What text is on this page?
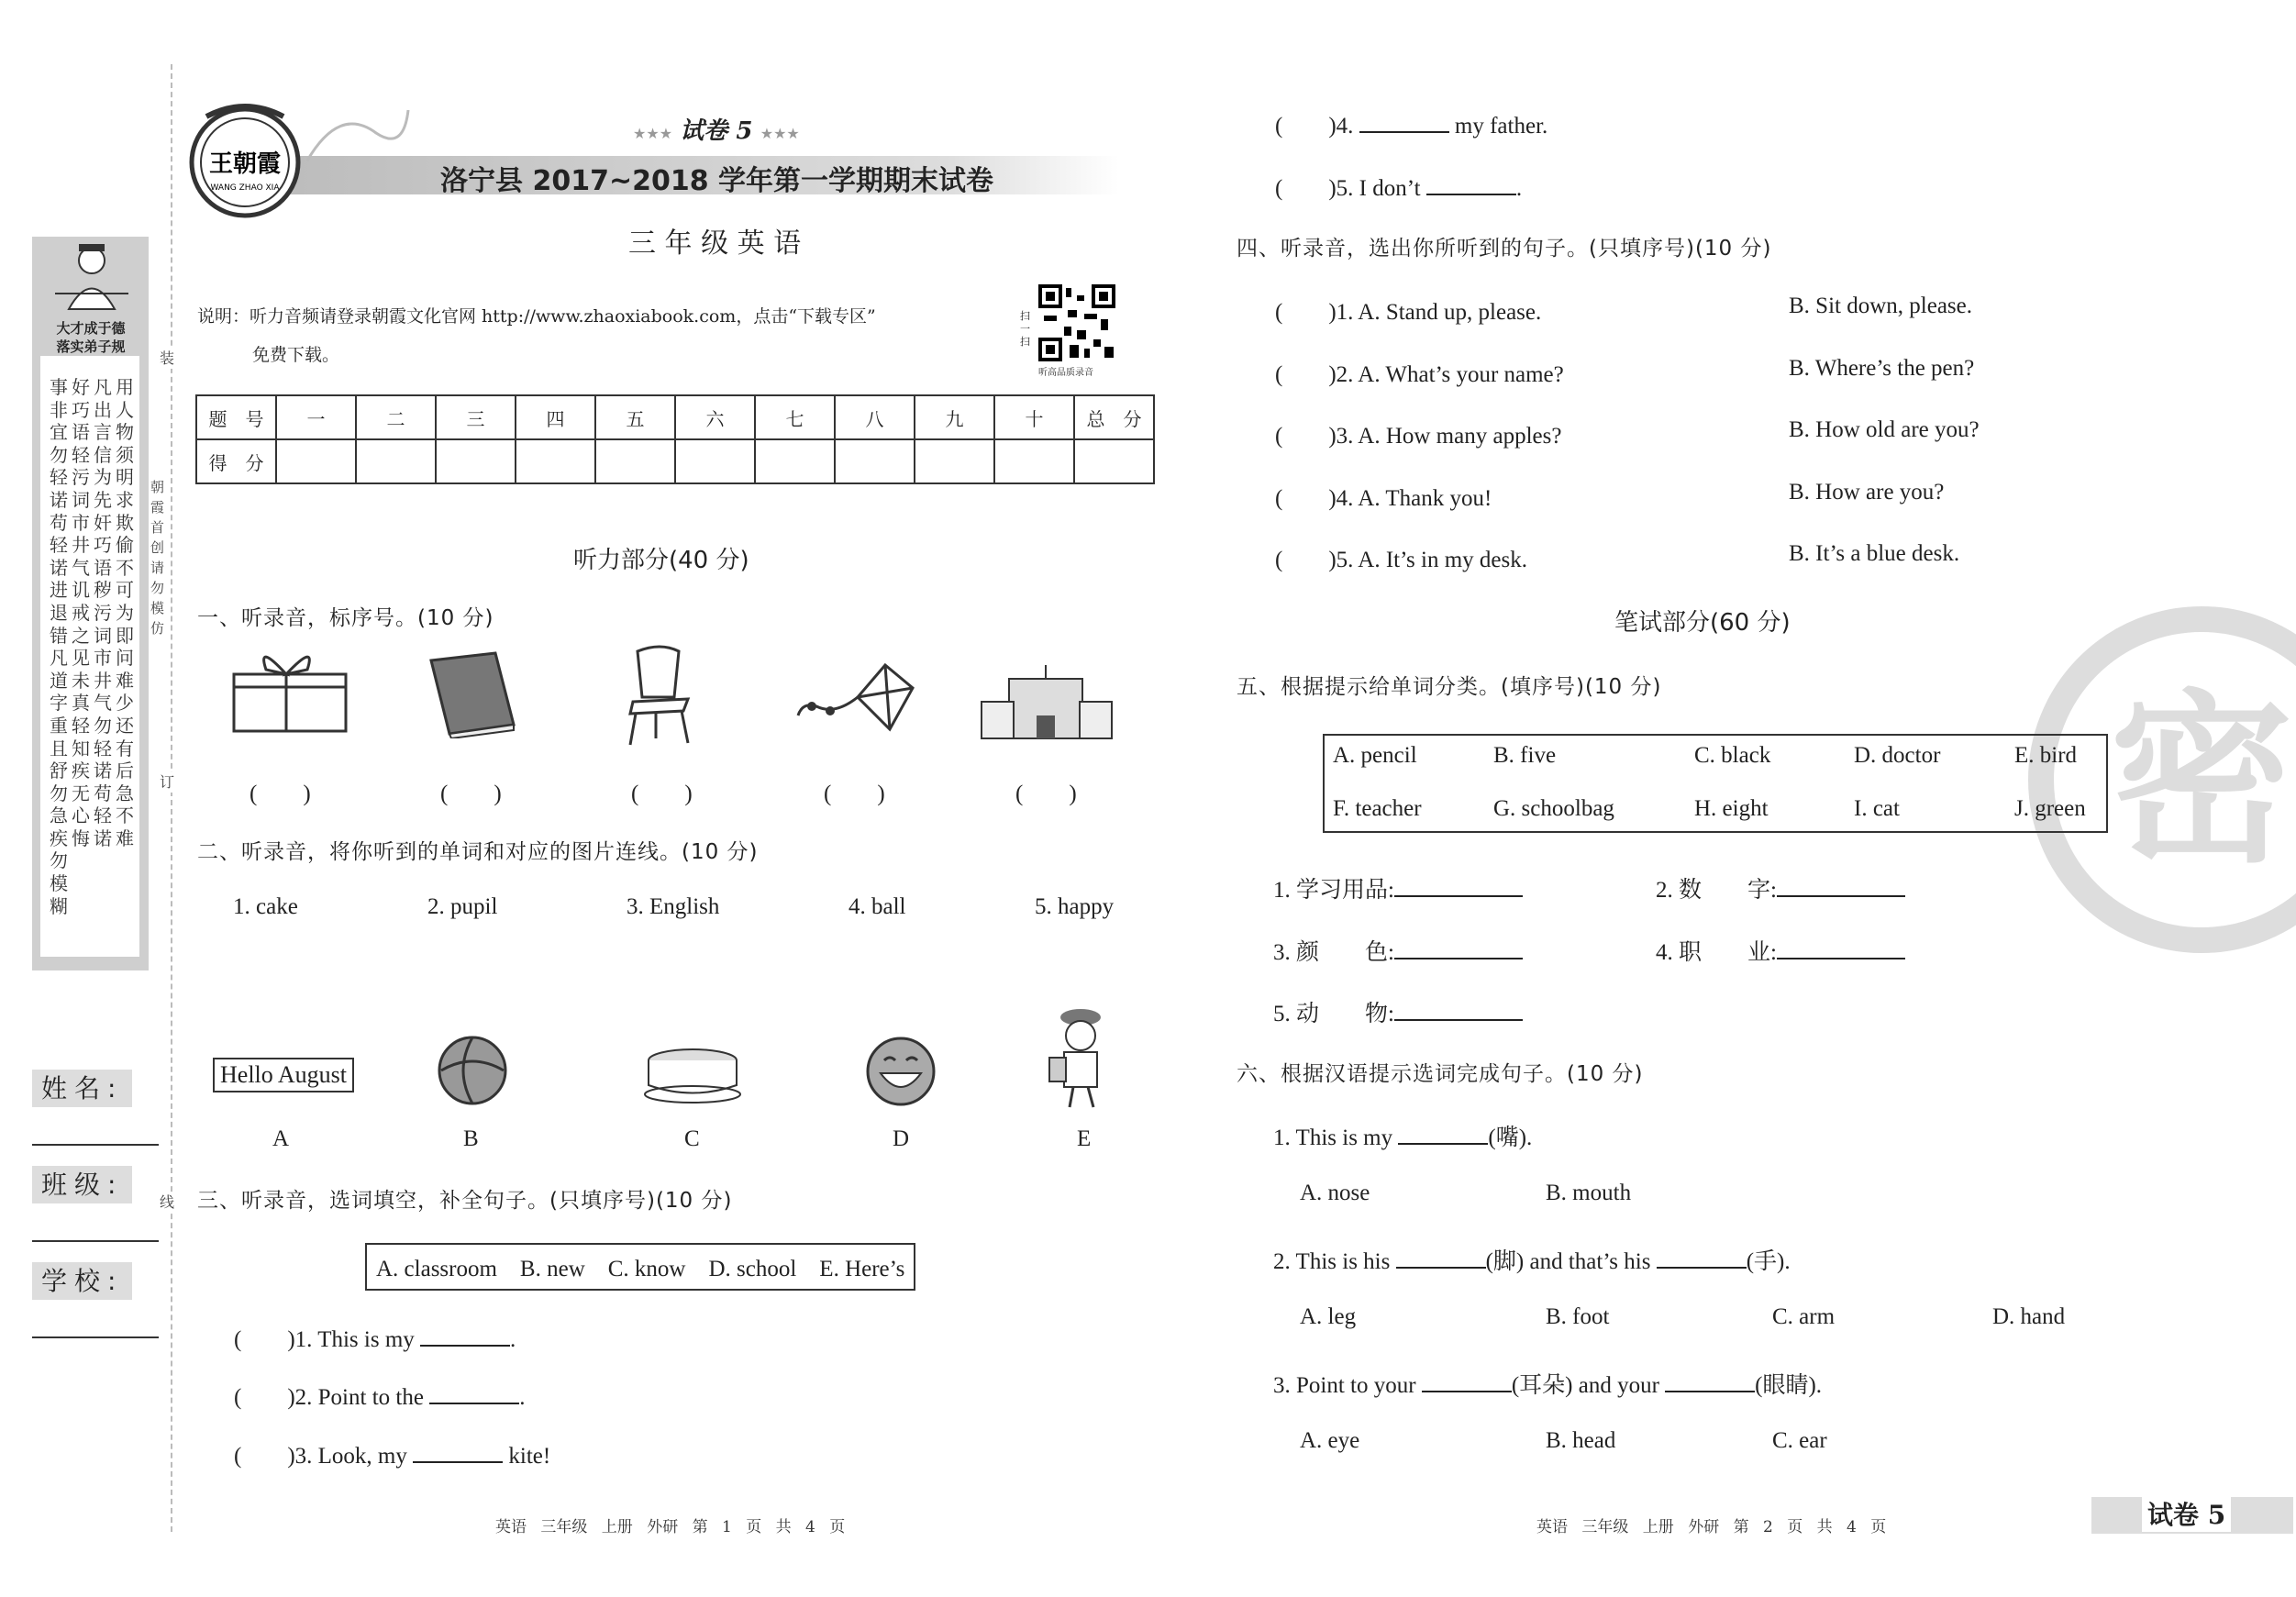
大才成于德
落实弟子规
事非宜勿轻诺苟轻诺进退错凡道字重且舒勿急疾勿模糊
好巧语轻污词市井气讥戒之见未真轻知疾无心悔
凡出言信为先奸巧语秽污词市井气勿轻诺苟轻诺
用人物须明求欺偷不可为即问难少还有后急不难
装
朝霞首创 请勿模仿
订
线
姓名:
班级:
学校:
王朝霞
WANG ZHAO XIA
★★★ 试卷 5 ★★★
洛宁县 2017~2018 学年第一学期期末试卷
三 年 级 英 语
说明：听力音频请登录朝霞文化官网 http://www.zhaoxiabook.com，点击“下载专区”
免费下载。
扫一扫
听高品质录音
题　号	一	二	三	四	五	六	七	八	九	十	总　分
得　分											
听力部分(40 分)
一、听录音，标序号。(10 分)
(　　)	(　　)	(　　)	(　　)	(　　)
二、听录音，将你听到的单词和对应的图片连线。(10 分)
1. cake	2. pupil	3. English	4. ball	5. happy
Hello August
A	B	C	D	E
三、听录音，选词填空，补全句子。(只填序号)(10 分)
A. classroom　B. new　C. know　D. school　E. Here’s
(　　)1. This is my	.
(　　)2. Point to the	.
(　　)3. Look, my	kite!
英语 三年级 上册 外研 第 1 页 共 4 页
(　　)4.	my father.
(　　)5. I don’t	.
四、听录音，选出你所听到的句子。(只填序号)(10 分)
(　　)1. A. Stand up, please.	B. Sit down, please.
(　　)2. A. What’s your name?	B. Where’s the pen?
(　　)3. A. How many apples?	B. How old are you?
(　　)4. A. Thank you!	B. How are you?
(　　)5. A. It’s in my desk.	B. It’s a blue desk.
笔试部分(60 分)
密
五、根据提示给单词分类。(填序号)(10 分)
A. pencil	B. five	C. black	D. doctor	E. bird
F. teacher	G. schoolbag	H. eight	I. cat	J. green
1. 学习用品:	2. 数　　字:
3. 颜　　色:	4. 职　　业:
5. 动　　物:
六、根据汉语提示选词完成句子。(10 分)
1. This is my	(嘴).
A. nose	B. mouth
2. This is his	(脚) and that’s his	(手).
A. leg	B. foot	C. arm	D. hand
3. Point to your	(耳朵) and your	(眼睛).
A. eye	B. head	C. ear
英语 三年级 上册 外研 第 2 页 共 4 页	试卷 5
